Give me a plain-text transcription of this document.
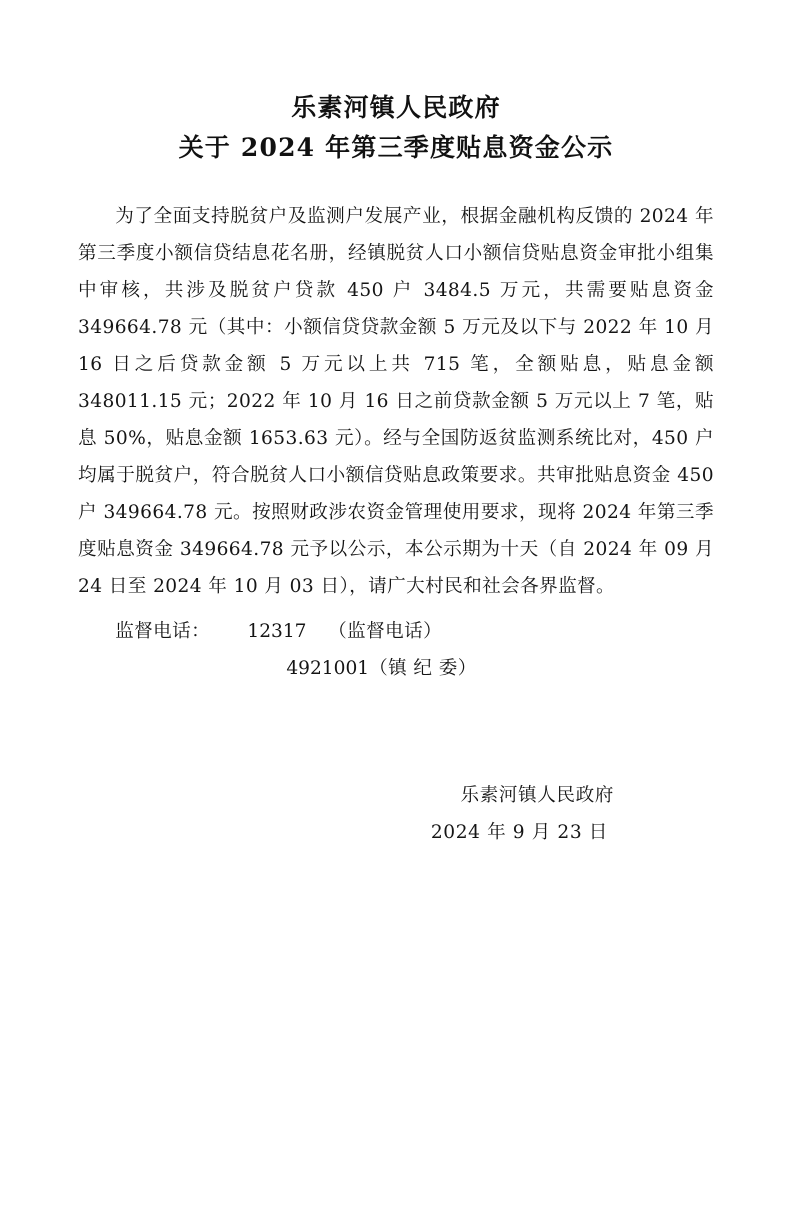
乐素河镇人民政府
关于 2024 年第三季度贴息资金公示

为了全面支持脱贫户及监测户发展产业，根据金融机构反馈的 2024 年第三季度小额信贷结息花名册，经镇脱贫人口小额信贷贴息资金审批小组集中审核，共涉及脱贫户贷款 450 户 3484.5 万元，共需要贴息资金 349664.78 元（其中：小额信贷贷款金额 5 万元及以下与 2022 年 10 月 16 日之后贷款金额 5 万元以上共 715 笔，全额贴息，贴息金额 348011.15 元；2022 年 10 月 16 日之前贷款金额 5 万元以上 7 笔，贴息 50%，贴息金额 1653.63 元）。经与全国防返贫监测系统比对，450 户均属于脱贫户，符合脱贫人口小额信贷贴息政策要求。共审批贴息资金 450 户 349664.78 元。按照财政涉农资金管理使用要求，现将 2024 年第三季度贴息资金 349664.78 元予以公示，本公示期为十天（自 2024 年 09 月 24 日至 2024 年 10 月 03 日），请广大村民和社会各界监督。

监督电话： 12317 （监督电话）
4921001（镇 纪 委）
乐素河镇人民政府
2024 年 9 月 23 日
